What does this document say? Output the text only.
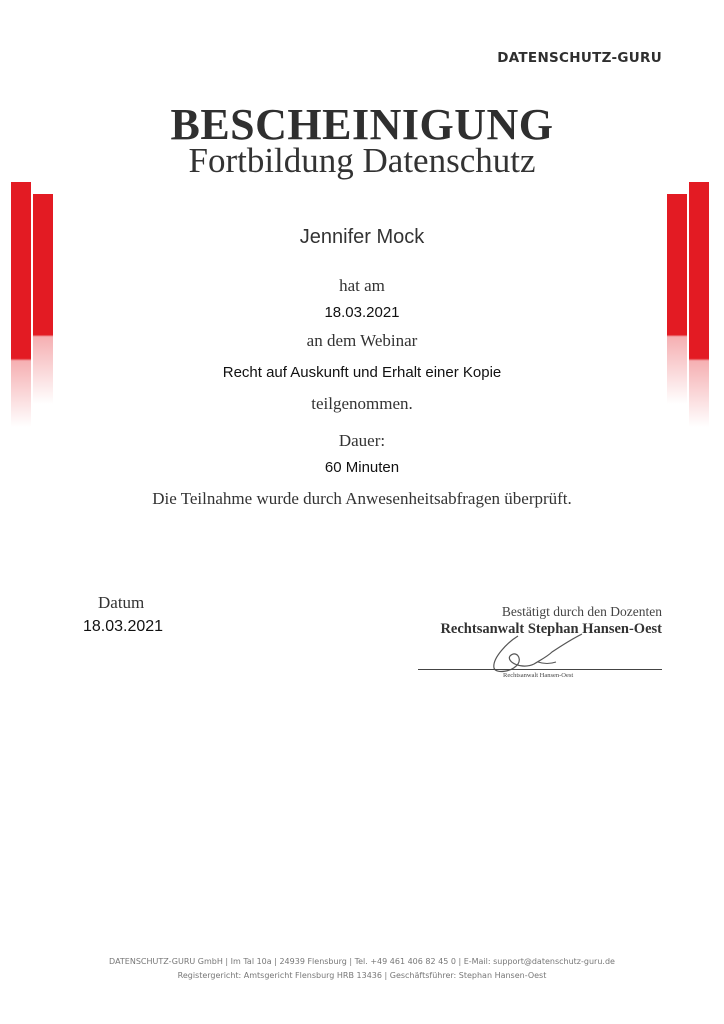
DATENSCHUTZ-GURU
BESCHEINIGUNG
Fortbildung Datenschutz
Jennifer Mock
hat am
18.03.2021
an dem Webinar
Recht auf Auskunft und Erhalt einer Kopie
teilgenommen.
Dauer:
60 Minuten
Die Teilnahme wurde durch Anwesenheitsabfragen überprüft.
Datum
18.03.2021
Bestätigt durch den Dozenten
Rechtsanwalt Stephan Hansen-Oest
Rechtsanwalt Hansen-Oest
DATENSCHUTZ-GURU GmbH | Im Tal 10a | 24939 Flensburg | Tel. +49 461 406 82 45 0 | E-Mail: support@datenschutz-guru.de
Registergericht: Amtsgericht Flensburg HRB 13436 | Geschäftsführer: Stephan Hansen-Oest
